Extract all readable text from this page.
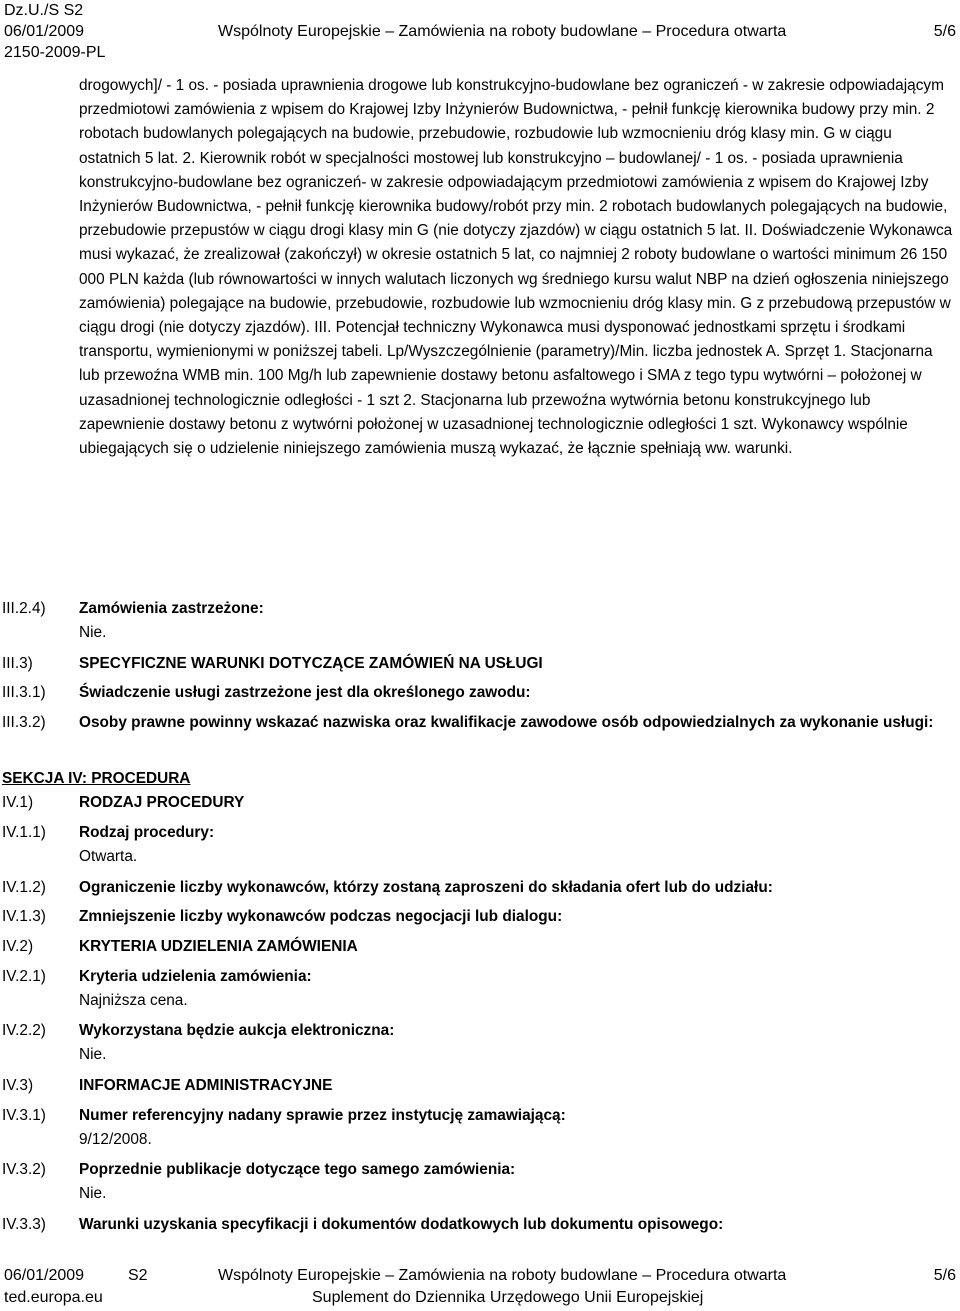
Dz.U./S S2
06/01/2009
2150-2009-PL
Wspólnoty Europejskie – Zamówienia na roboty budowlane – Procedura otwarta	5/6

drogowych]/ - 1 os. - posiada uprawnienia drogowe lub konstrukcyjno-budowlane bez ograniczeń - w zakresie odpowiadającym przedmiotowi zamówienia z wpisem do Krajowej Izby Inżynierów Budownictwa, - pełnił funkcję kierownika budowy przy min. 2 robotach budowlanych polegających na budowie, przebudowie, rozbudowie lub wzmocnieniu dróg klasy min. G w ciągu ostatnich 5 lat. 2. Kierownik robót w specjalności mostowej lub konstrukcyjno – budowlanej/ - 1 os. - posiada uprawnienia konstrukcyjno-budowlane bez ograniczeń- w zakresie odpowiadającym przedmiotowi zamówienia z wpisem do Krajowej Izby Inżynierów Budownictwa, - pełnił funkcję kierownika budowy/robót przy min. 2 robotach budowlanych polegających na budowie, przebudowie przepustów w ciągu drogi klasy min G (nie dotyczy zjazdów) w ciągu ostatnich 5 lat. II. Doświadczenie Wykonawca musi wykazać, że zrealizował (zakończył) w okresie ostatnich 5 lat, co najmniej 2 roboty budowlane o wartości minimum 26 150 000 PLN każda (lub równowartości w innych walutach liczonych wg średniego kursu walut NBP na dzień ogłoszenia niniejszego zamówienia) polegające na budowie, przebudowie, rozbudowie lub wzmocnieniu dróg klasy min. G z przebudową przepustów w ciągu drogi (nie dotyczy zjazdów). III. Potencjał techniczny Wykonawca musi dysponować jednostkami sprzętu i środkami transportu, wymienionymi w poniższej tabeli. Lp/Wyszczególnienie (parametry)/Min. liczba jednostek A. Sprzęt 1. Stacjonarna lub przewoźna WMB min. 100 Mg/h lub zapewnienie dostawy betonu asfaltowego i SMA z tego typu wytwórni – położonej w uzasadnionej technologicznie odległości - 1 szt 2. Stacjonarna lub przewoźna wytwórnia betonu konstrukcyjnego lub zapewnienie dostawy betonu z wytwórni położonej w uzasadnionej technologicznie odległości 1 szt. Wykonawcy wspólnie ubiegających się o udzielenie niniejszego zamówienia muszą wykazać, że łącznie spełniają ww. warunki.

III.2.4) Zamówienia zastrzeżone:
Nie.
III.3)	SPECYFICZNE WARUNKI DOTYCZĄCE ZAMÓWIEŃ NA USŁUGI
III.3.1) Świadczenie usługi zastrzeżone jest dla określonego zawodu:
III.3.2) Osoby prawne powinny wskazać nazwiska oraz kwalifikacje zawodowe osób odpowiedzialnych za wykonanie usługi:
SEKCJA IV: PROCEDURA
IV.1)	RODZAJ PROCEDURY
IV.1.1) Rodzaj procedury:
Otwarta.
IV.1.2) Ograniczenie liczby wykonawców, którzy zostaną zaproszeni do składania ofert lub do udziału:
IV.1.3) Zmniejszenie liczby wykonawców podczas negocjacji lub dialogu:
IV.2)	KRYTERIA UDZIELENIA ZAMÓWIENIA
IV.2.1) Kryteria udzielenia zamówienia:
Najniższa cena.
IV.2.2) Wykorzystana będzie aukcja elektroniczna:
Nie.
IV.3)	INFORMACJE ADMINISTRACYJNE
IV.3.1) Numer referencyjny nadany sprawie przez instytucję zamawiającą:
9/12/2008.
IV.3.2) Poprzednie publikacje dotyczące tego samego zamówienia:
Nie.
IV.3.3) Warunki uzyskania specyfikacji i dokumentów dodatkowych lub dokumentu opisowego:
06/01/2009
ted.europa.eu
S2	Wspólnoty Europejskie – Zamówienia na roboty budowlane – Procedura otwarta
Suplement do Dziennika Urzędowego Unii Europejskiej
5/6
